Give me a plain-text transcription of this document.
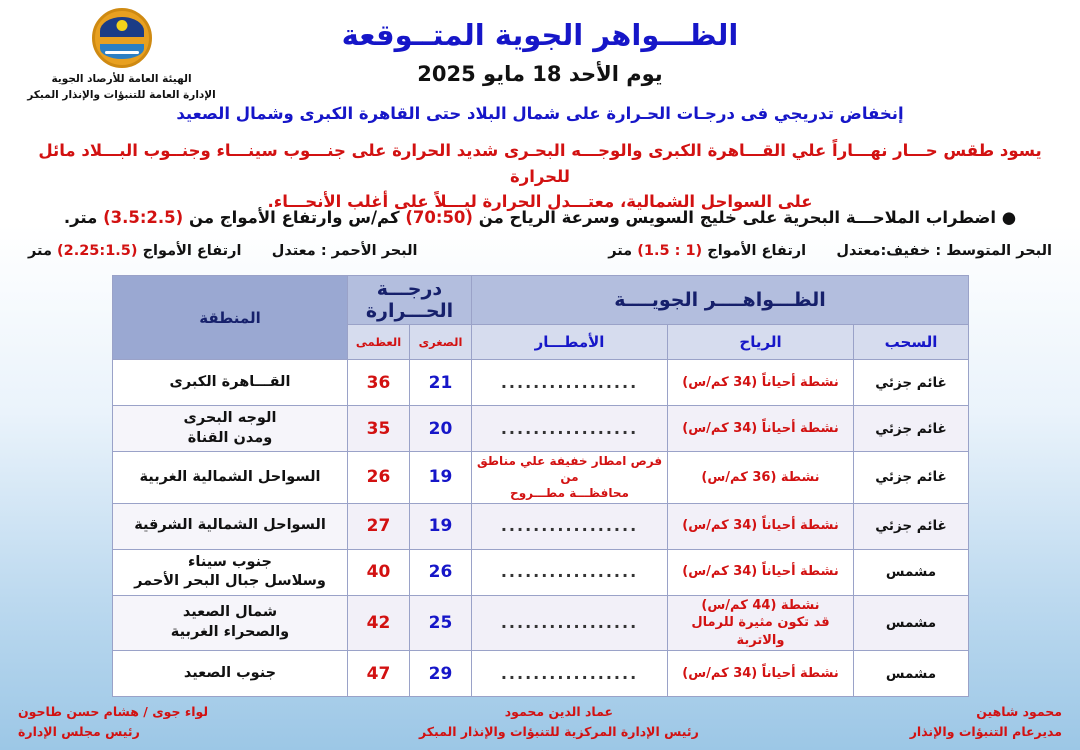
الهيئة العامة للأرصاد الجوية
الإدارة العامة للتنبؤات والإنذار المبكر
الظـــواهر الجوية المتــوقعة
يوم الأحد 18 مايو 2025
إنخفاض تدريجي فى درجـات الحـرارة على شمال البلاد حتى القاهرة الكبرى وشمال الصعيد
يسود طقس حـــار نهـــاراً علي القـــاهرة الكبرى والوجـــه البحـرى شديد الحرارة على جنـــوب سينـــاء وجنــوب البـــلاد مائل للحرارة
على السواحل الشمالية، معتـــدل الحرارة ليـــلاً على أغلب الأنحـــاء.
● اضطراب الملاحـــة البحرية على خليج السويس وسرعة الرياح من (70:50) كم/س وارتفاع الأمواج من (3.5:2.5) متر.
البحر المتوسط : خفيف:معتدل      ارتفاع الأمواج (1 : 1.5) متر
البحر الأحمر : معتدل      ارتفاع الأمواج (2.25:1.5) متر
الظـــواهــــر الجويــــة			درجـــة الحـــرارة		المنطقة
السحب	الرياح	الأمطـــار	الصغرى	العظمى	

غائم جزئي	نشطة أحياناً (34 كم/س)	.................	21	36	القـــاهرة الكبرى

غائم جزئي	نشطة أحياناً (34 كم/س)	.................	20	35	الوجه البحرى
ومدن القناة

غائم جزئي	نشطة (36 كم/س)	فرص امطار خفيفة علي مناطق من
محافظـــة مطـــروح	19	26	السواحل الشمالية الغربية

غائم جزئي	نشطة أحياناً (34 كم/س)	.................	19	27	السواحل الشمالية الشرقية

مشمس	نشطة أحياناً (34 كم/س)	.................	26	40	جنوب سيناء
وسلاسل جبال البحر الأحمر

مشمس	نشطة (44 كم/س)
قد تكون مثيرة للرمال والاتربة	.................	25	42	شمال الصعيد
والصحراء الغربية

مشمس	نشطة أحياناً (34 كم/س)	.................	29	47	جنوب الصعيد
محمود شاهين
مديرعام التنبؤات والإنذار
عماد الدين محمود
رئيس الإدارة المركزية للتنبؤات والإنذار المبكر
لواء جوى / هشام حسن طاحون
رئيس مجلس الإدارة
